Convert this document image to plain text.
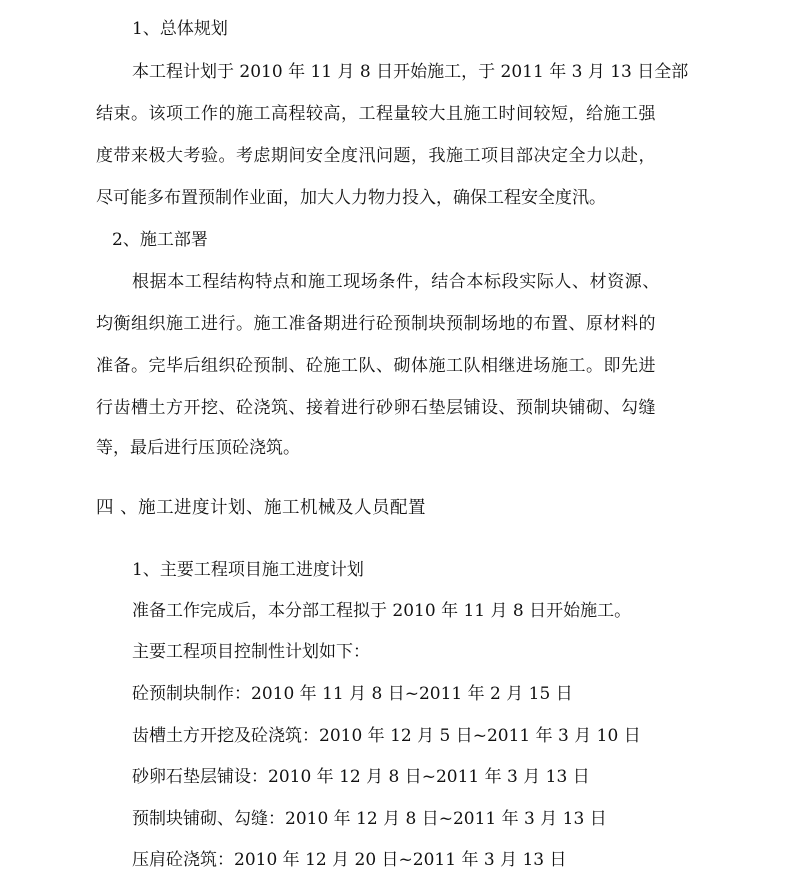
1、总体规划
本工程计划于 2010 年 11 月 8 日开始施工，于 2011 年 3 月 13 日全部
结束。该项工作的施工高程较高，工程量较大且施工时间较短，给施工强
度带来极大考验。考虑期间安全度汛问题，我施工项目部决定全力以赴，
尽可能多布置预制作业面，加大人力物力投入，确保工程安全度汛。
2、施工部署
根据本工程结构特点和施工现场条件，结合本标段实际人、材资源、
均衡组织施工进行。施工准备期进行砼预制块预制场地的布置、原材料的
准备。完毕后组织砼预制、砼施工队、砌体施工队相继进场施工。即先进
行齿槽土方开挖、砼浇筑、接着进行砂卵石垫层铺设、预制块铺砌、勾缝
等，最后进行压顶砼浇筑。
四 、施工进度计划、施工机械及人员配置
1、主要工程项目施工进度计划
准备工作完成后，本分部工程拟于 2010 年 11 月 8 日开始施工。
主要工程项目控制性计划如下：
砼预制块制作：2010 年 11 月 8 日~2011 年 2 月 15 日
齿槽土方开挖及砼浇筑：2010 年 12 月 5 日~2011 年 3 月 10 日
砂卵石垫层铺设：2010 年 12 月 8 日~2011 年 3 月 13 日
预制块铺砌、勾缝：2010 年 12 月 8 日~2011 年 3 月 13 日
压肩砼浇筑：2010 年 12 月 20 日~2011 年 3 月 13 日
